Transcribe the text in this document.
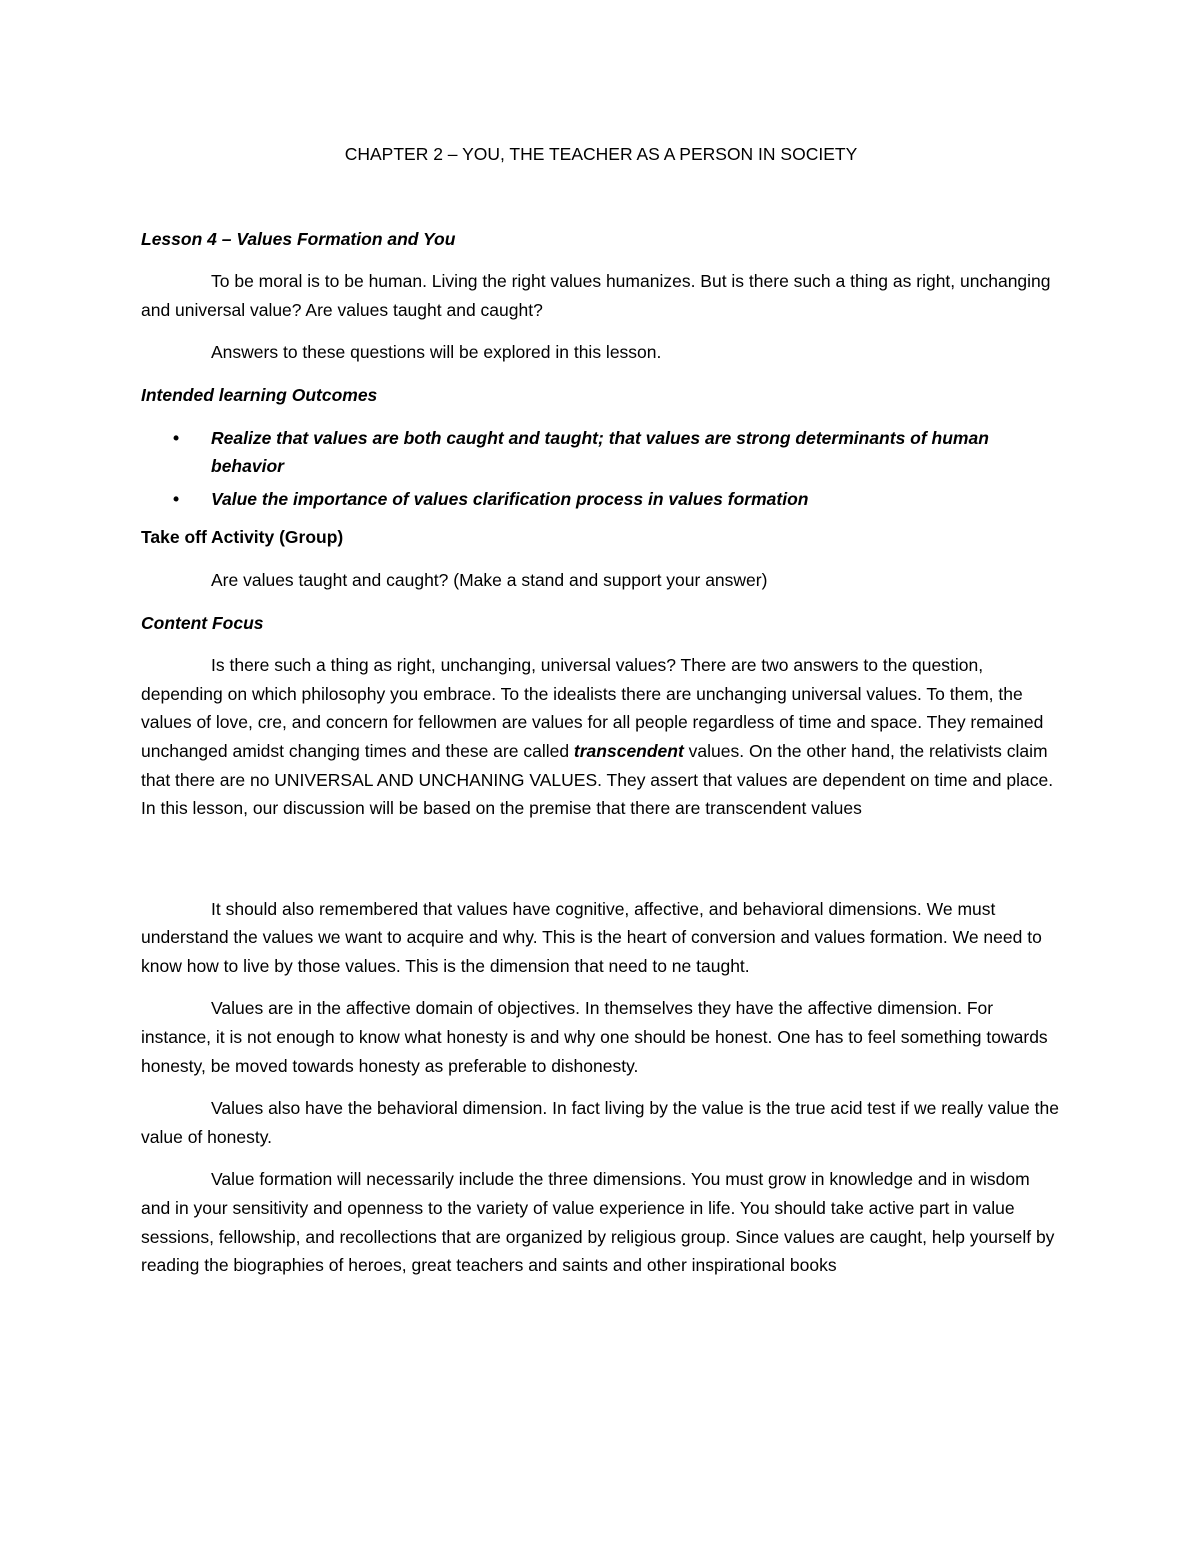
CHAPTER 2 – YOU, THE TEACHER AS A PERSON IN SOCIETY
Lesson 4 – Values Formation and You

To be moral is to be human. Living the right values humanizes. But is there such a thing as right, unchanging and universal value? Are values taught and caught?

Answers to these questions will be explored in this lesson.

Intended learning Outcomes
• Realize that values are both caught and taught; that values are strong determinants of human behavior
• Value the importance of values clarification process in values formation
Take off Activity (Group)

Are values taught and caught? (Make a stand and support your answer)

Content Focus

Is there such a thing as right, unchanging, universal values? There are two answers to the question, depending on which philosophy you embrace. To the idealists there are unchanging universal values. To them, the values of love, cre, and concern for fellowmen are values for all people regardless of time and space. They remained unchanged amidst changing times and these are called transcendent values. On the other hand, the relativists claim that there are no UNIVERSAL AND UNCHANING VALUES. They assert that values are dependent on time and place. In this lesson, our discussion will be based on the premise that there are transcendent values

It should also remembered that values have cognitive, affective, and behavioral dimensions. We must understand the values we want to acquire and why. This is the heart of conversion and values formation. We need to know how to live by those values. This is the dimension that need to ne taught.

Values are in the affective domain of objectives. In themselves they have the affective dimension. For instance, it is not enough to know what honesty is and why one should be honest. One has to feel something towards honesty, be moved towards honesty as preferable to dishonesty.

Values also have the behavioral dimension. In fact living by the value is the true acid test if we really value the value of honesty.

Value formation will necessarily include the three dimensions. You must grow in knowledge and in wisdom and in your sensitivity and openness to the variety of value experience in life. You should take active part in value sessions, fellowship, and recollections that are organized by religious group. Since values are caught, help yourself by reading the biographies of heroes, great teachers and saints and other inspirational books
